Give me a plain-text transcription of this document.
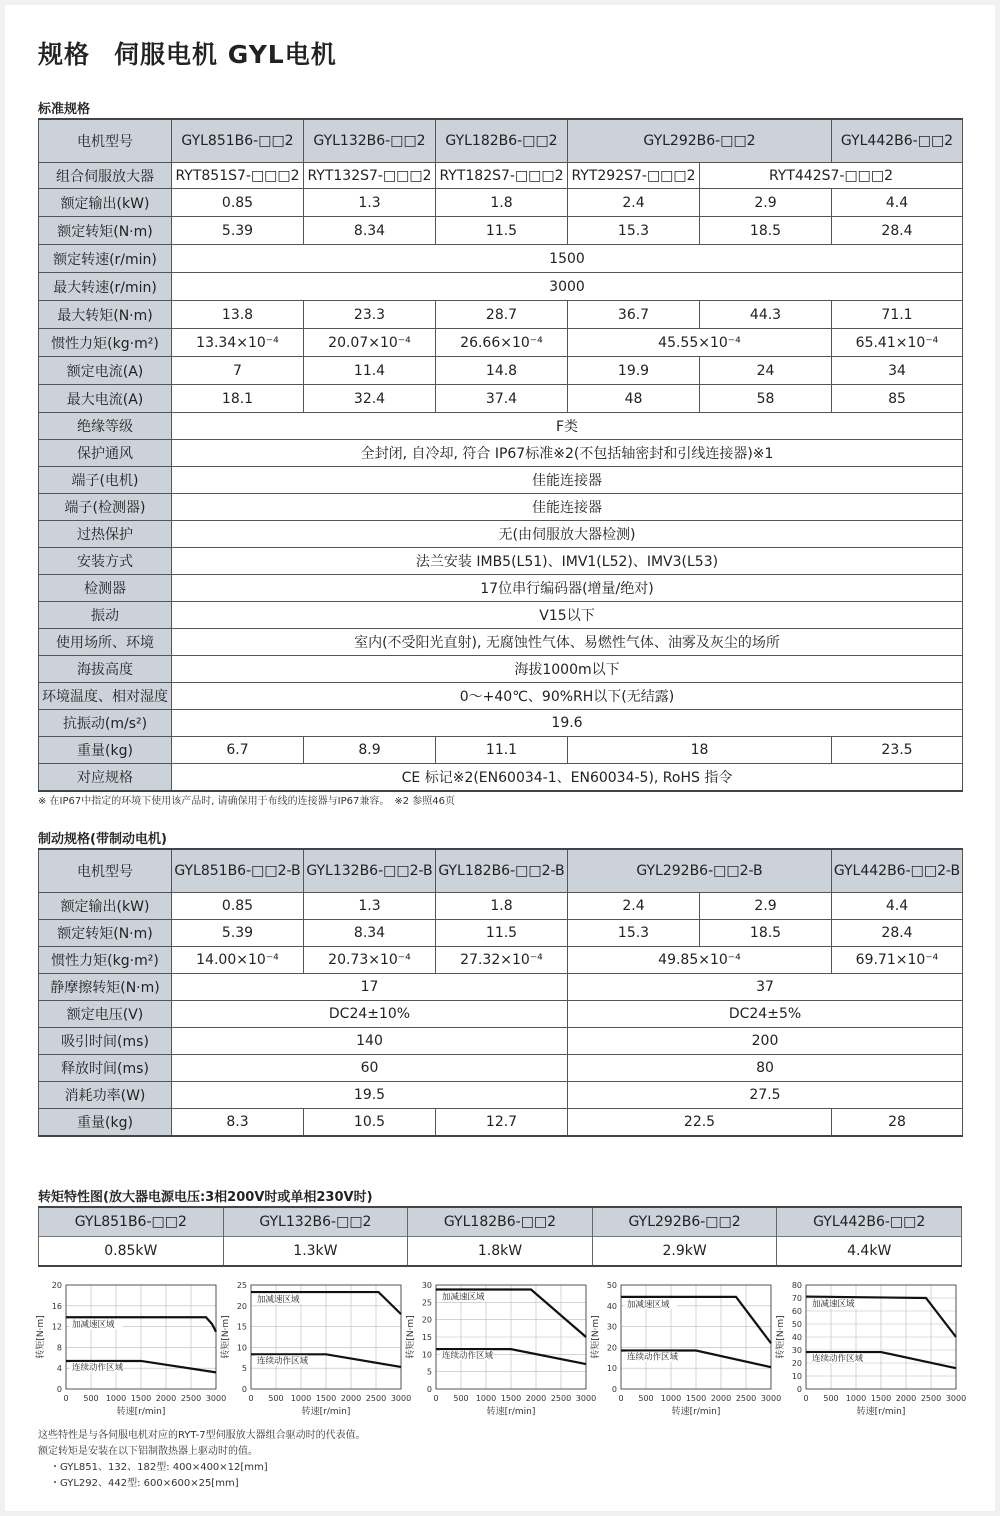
规格 伺服电机 GYL电机
标准规格
电机型号	GYL851B6-□□2	GYL132B6-□□2	GYL182B6-□□2	GYL292B6-□□2		GYL442B6-□□2
组合伺服放大器	RYT851S7-□□□2	RYT132S7-□□□2	RYT182S7-□□□2	RYT292S7-□□□2	RYT442S7-□□□2	
额定输出(kW)	0.85	1.3	1.8	2.4	2.9	4.4
额定转矩(N·m)	5.39	8.34	11.5	15.3	18.5	28.4
额定转速(r/min)	1500					
最大转速(r/min)	3000					
最大转矩(N·m)	13.8	23.3	28.7	36.7	44.3	71.1
惯性力矩(kg·m²)	13.34×10⁻⁴	20.07×10⁻⁴	26.66×10⁻⁴	45.55×10⁻⁴		65.41×10⁻⁴
额定电流(A)	7	11.4	14.8	19.9	24	34
最大电流(A)	18.1	32.4	37.4	48	58	85
绝缘等级	F类					
保护通风	全封闭, 自冷却, 符合 IP67标准※2(不包括轴密封和引线连接器)※1					
端子(电机)	佳能连接器					
端子(检测器)	佳能连接器					
过热保护	无(由伺服放大器检测)					
安装方式	法兰安装 IMB5(L51)、IMV1(L52)、IMV3(L53)					
检测器	17位串行编码器(增量/绝对)					
振动	V15以下					
使用场所、环境	室内(不受阳光直射), 无腐蚀性气体、易燃性气体、油雾及灰尘的场所					
海拔高度	海拔1000m以下					
环境温度、相对湿度	0～+40℃、90%RH以下(无结露)					
抗振动(m/s²)	19.6					
重量(kg)	6.7	8.9	11.1	18		23.5
对应规格	CE 标记※2(EN60034-1、EN60034-5), RoHS 指令					
※ 在IP67中指定的环境下使用该产品时, 请确保用于布线的连接器与IP67兼容。　※2 参照46页
制动规格(带制动电机)
电机型号	GYL851B6-□□2-B	GYL132B6-□□2-B	GYL182B6-□□2-B	GYL292B6-□□2-B		GYL442B6-□□2-B
额定输出(kW)	0.85	1.3	1.8	2.4	2.9	4.4
额定转矩(N·m)	5.39	8.34	11.5	15.3	18.5	28.4
惯性力矩(kg·m²)	14.00×10⁻⁴	20.73×10⁻⁴	27.32×10⁻⁴	49.85×10⁻⁴		69.71×10⁻⁴
静摩擦转矩(N·m)	17			37		
额定电压(V)	DC24±10%			DC24±5%		
吸引时间(ms)	140			200		
释放时间(ms)	60			80		
消耗功率(W)	19.5			27.5		
重量(kg)	8.3	10.5	12.7	22.5		28
转矩特性图(放大器电源电压:3相200V时或单相230V时)
GYL851B6-□□2	GYL132B6-□□2	GYL182B6-□□2	GYL292B6-□□2	GYL442B6-□□2
0.85kW	1.3kW	1.8kW	2.9kW	4.4kW
0 500 1000 1500 2000 2500 3000
0
4
8
12
16
20
转速[r/min]
转矩[N·m]	加减速区域
连续动作区域
0 500 1000 1500 2000 2500 3000
0
5
10
15
20
25
转速[r/min]
转矩[N·m]
加减速区域
连续动作区域
0 500 1000 1500 2000 2500 3000
0
5
10
15
20
25
30
转速[r/min]
转矩[N·m]
加减速区域
连续动作区域
0 500 1000 1500 2000 2500 3000
0
10
20
30
40
50
转速[r/min]
转矩[N·m]
加减速区域
连续动作区域
0 500 1000 1500 2000 2500 3000
0
10
20
30
40
50
60
70
80
转速[r/min]
转矩[N·m]
加减速区域
连续动作区域
这些特性是与各伺服电机对应的RYT-7型伺服放大器组合驱动时的代表值。
额定转矩是安装在以下铝制散热器上驱动时的值。
・GYL851、132、182型: 400×400×12[mm]
・GYL292、442型: 600×600×25[mm]
